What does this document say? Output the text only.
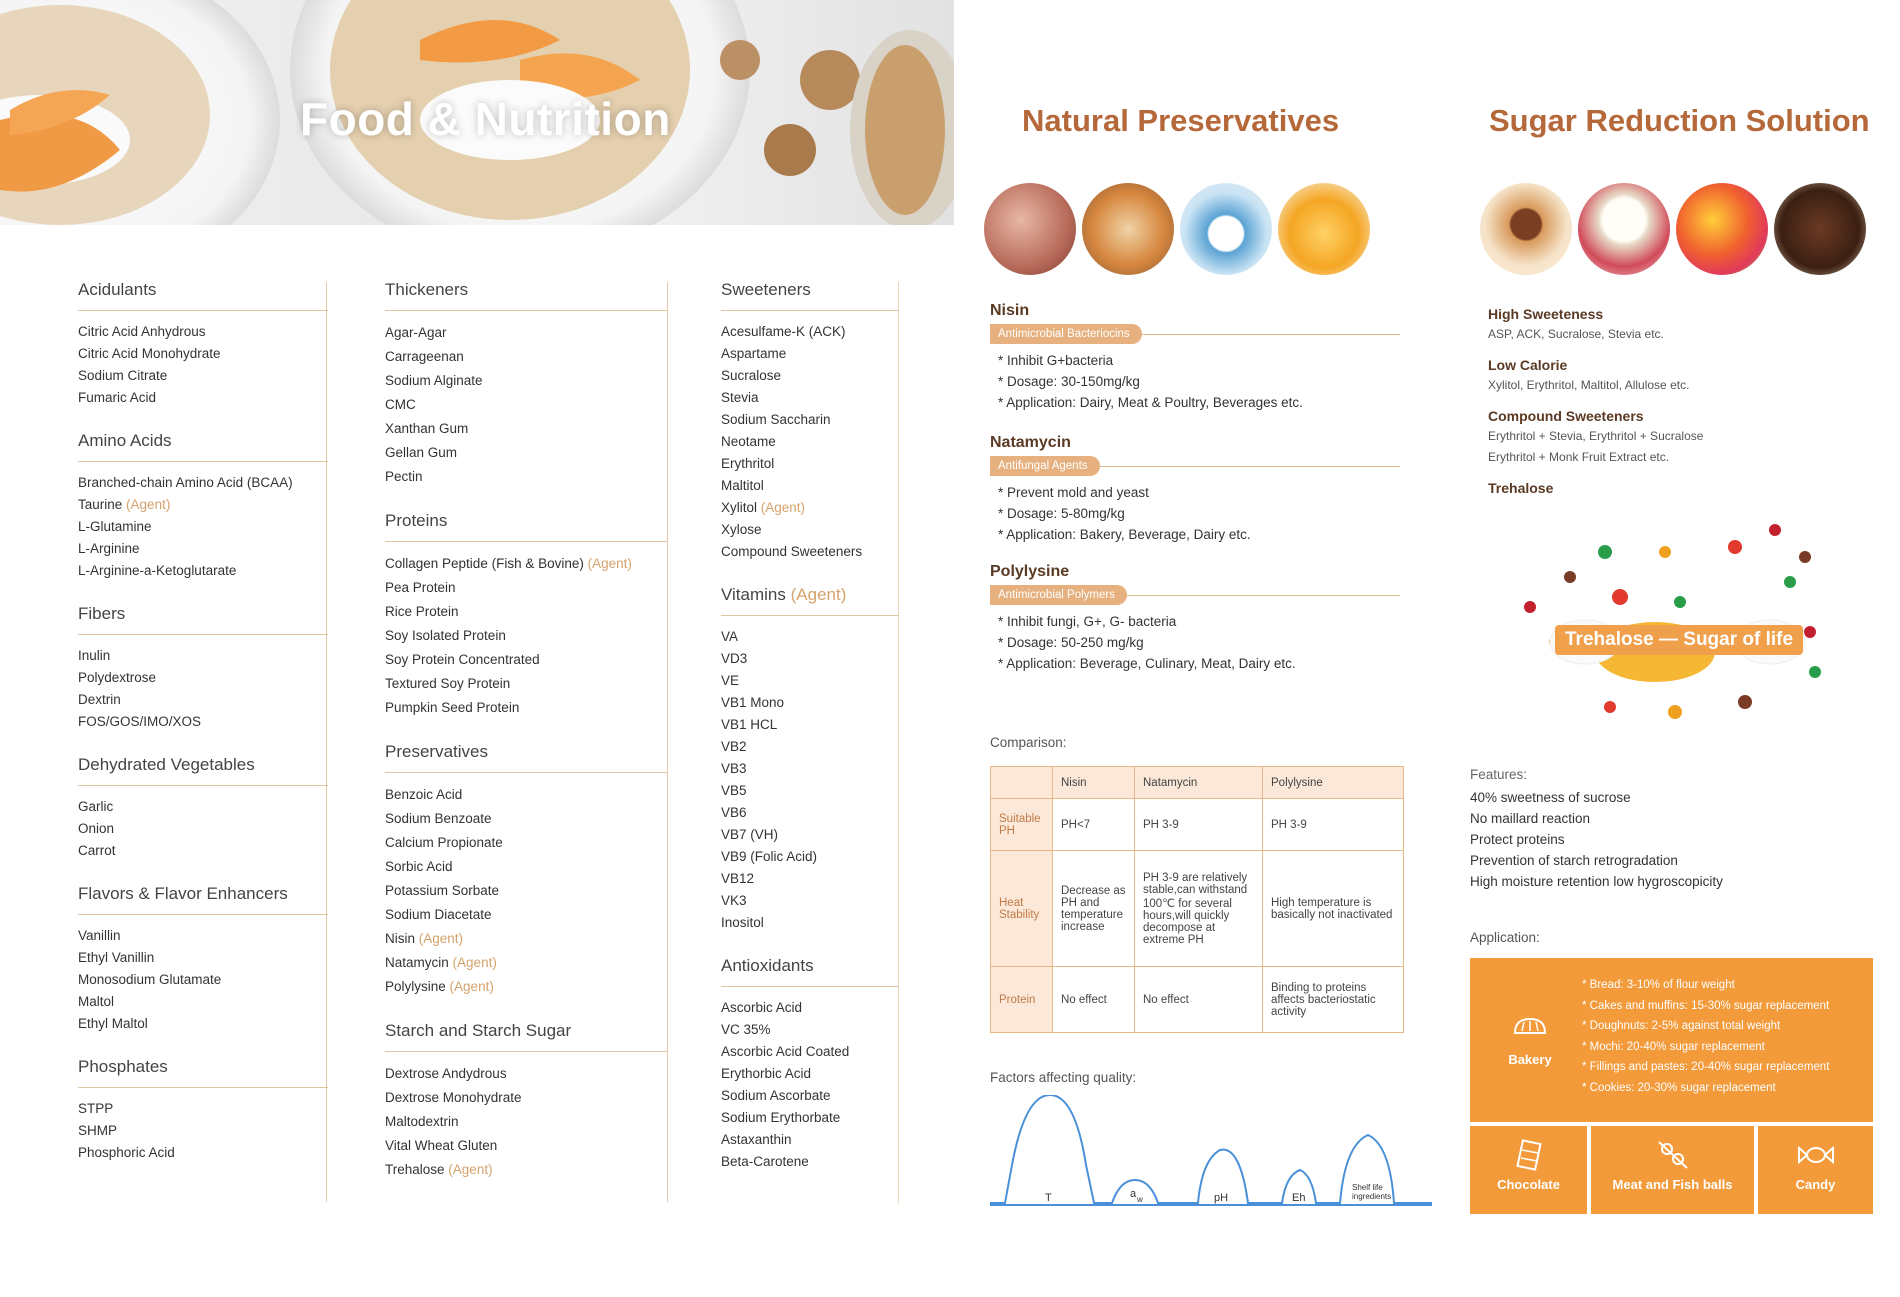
Food & Nutrition
Acidulants
Citric Acid Anhydrous
Citric Acid Monohydrate
Sodium Citrate
Fumaric Acid
Amino Acids
Branched-chain Amino Acid (BCAA)
Taurine (Agent)
L-Glutamine
L-Arginine
L-Arginine-a-Ketoglutarate
Fibers
Inulin
Polydextrose
Dextrin
FOS/GOS/IMO/XOS
Dehydrated Vegetables
Garlic
Onion
Carrot
Flavors & Flavor Enhancers
Vanillin
Ethyl Vanillin
Monosodium Glutamate
Maltol
Ethyl Maltol
Phosphates
STPP
SHMP
Phosphoric Acid
Thickeners
Agar-Agar
Carrageenan
Sodium Alginate
CMC
Xanthan Gum
Gellan Gum
Pectin
Proteins
Collagen Peptide (Fish & Bovine) (Agent)
Pea Protein
Rice Protein
Soy Isolated Protein
Soy Protein Concentrated
Textured Soy Protein
Pumpkin Seed Protein
Preservatives
Benzoic Acid
Sodium Benzoate
Calcium Propionate
Sorbic Acid
Potassium Sorbate
Sodium Diacetate
Nisin (Agent)
Natamycin (Agent)
Polylysine (Agent)
Starch and Starch Sugar
Dextrose Andydrous
Dextrose Monohydrate
Maltodextrin
Vital Wheat Gluten
Trehalose (Agent)
Sweeteners
Acesulfame-K (ACK)
Aspartame
Sucralose
Stevia
Sodium Saccharin
Neotame
Erythritol
Maltitol
Xylitol (Agent)
Xylose
Compound Sweeteners
Vitamins (Agent)
VA
VD3
VE
VB1 Mono
VB1 HCL
VB2
VB3
VB5
VB6
VB7 (VH)
VB9 (Folic Acid)
VB12
VK3
Inositol
Antioxidants
Ascorbic Acid
VC 35%
Ascorbic Acid Coated
Erythorbic Acid
Sodium Ascorbate
Sodium Erythorbate
Astaxanthin
Beta-Carotene
Natural Preservatives
Nisin
Antimicrobial Bacteriocins
* Inhibit G+bacteria
* Dosage: 30-150mg/kg
* Application: Dairy, Meat & Poultry, Beverages etc.
Natamycin
Antifungal Agents
* Prevent mold and yeast
* Dosage: 5-80mg/kg
* Application: Bakery, Beverage, Dairy etc.
Polylysine
Antimicrobial Polymers
* Inhibit fungi, G+, G- bacteria
* Dosage: 50-250 mg/kg
* Application: Beverage, Culinary, Meat, Dairy etc.
Comparison:
	Nisin	Natamycin	Polylysine
Suitable PH	PH<7	PH 3-9	PH 3-9
Heat Stability	Decrease as PH and temperature increase	PH 3-9 are relatively stable,can withstand 100℃ for several hours,will quickly decompose at extreme PH	High temperature is basically not inactivated
Protein	No effect	No effect	Binding to proteins affects bacteriostatic activity
Factors affecting quality:
T	a w	pH	Eh
Shelf life
ingredients
Sugar Reduction Solution
High Sweeteness
ASP, ACK, Sucralose, Stevia etc.
Low Calorie
Xylitol, Erythritol, Maltitol, Allulose etc.
Compound Sweeteners
Erythritol + Stevia, Erythritol + Sucralose
Erythritol + Monk Fruit Extract etc.
Trehalose
Trehalose — Sugar of life
Features:
40% sweetness of sucrose
No maillard reaction
Protect proteins
Prevention of starch retrogradation
High moisture retention low hygroscopicity
Application:
Bakery
* Bread: 3-10% of flour weight
* Cakes and muffins: 15-30% sugar replacement
* Doughnuts: 2-5% against total weight
* Mochi: 20-40% sugar replacement
* Fillings and pastes: 20-40% sugar replacement
* Cookies: 20-30% sugar replacement
Chocolate	Meat and Fish balls	Candy
